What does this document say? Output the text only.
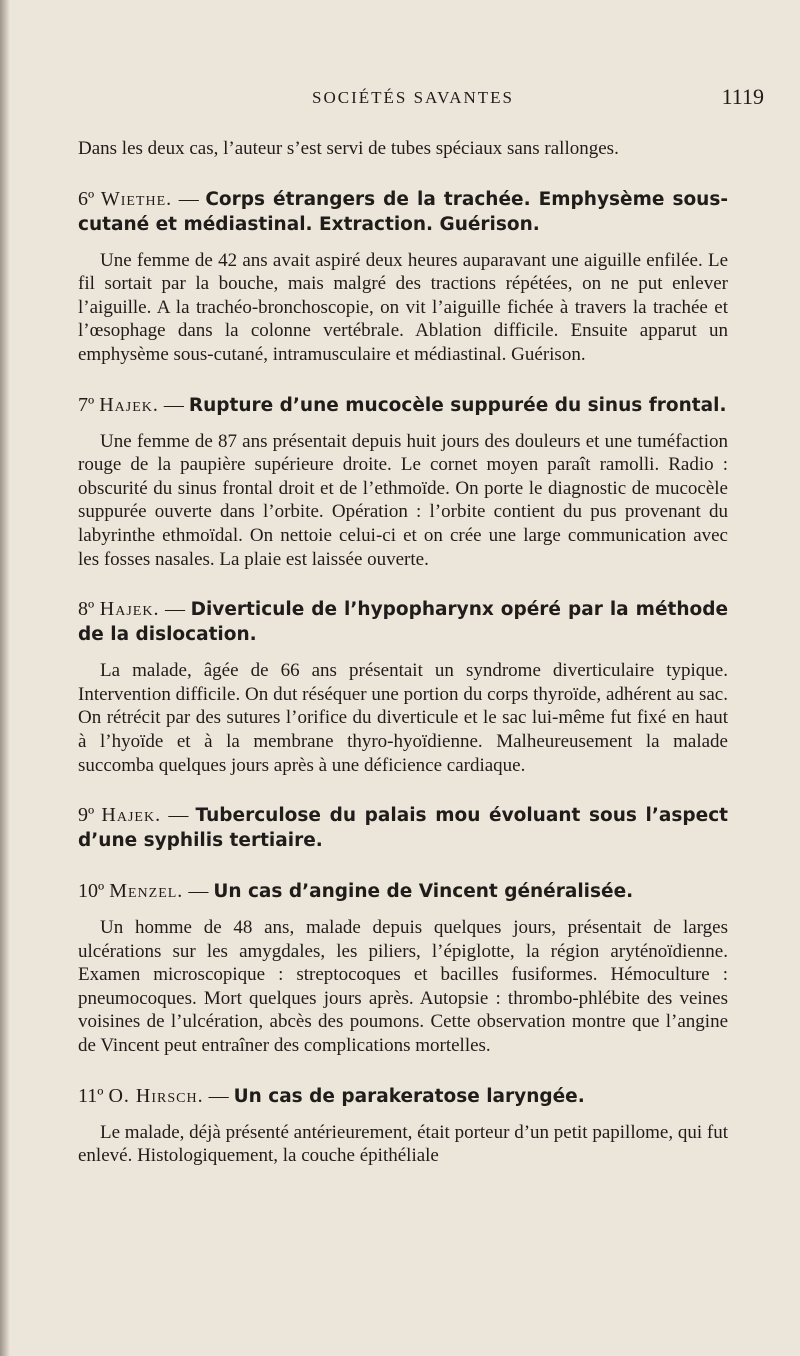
SOCIÉTÉS SAVANTES	1119

Dans les deux cas, l’auteur s’est servi de tubes spéciaux sans rallonges.

6º Wiethe. — Corps étrangers de la trachée. Emphysème sous-cutané et médiastinal. Extraction. Guérison.

Une femme de 42 ans avait aspiré deux heures auparavant une aiguille enfilée. Le fil sortait par la bouche, mais malgré des tractions répétées, on ne put enlever l’aiguille. A la trachéo-bronchoscopie, on vit l’aiguille fichée à travers la trachée et l’œsophage dans la colonne vertébrale. Ablation difficile. Ensuite apparut un emphysème sous-cutané, intramusculaire et médiastinal. Guérison.

7º Hajek. — Rupture d’une mucocèle suppurée du sinus frontal.

Une femme de 87 ans présentait depuis huit jours des douleurs et une tuméfaction rouge de la paupière supérieure droite. Le cornet moyen paraît ramolli. Radio : obscurité du sinus frontal droit et de l’ethmoïde. On porte le diagnostic de mucocèle suppurée ouverte dans l’orbite. Opération : l’orbite contient du pus provenant du labyrinthe ethmoïdal. On nettoie celui-ci et on crée une large communication avec les fosses nasales. La plaie est laissée ouverte.

8º Hajek. — Diverticule de l’hypopharynx opéré par la méthode de la dislocation.

La malade, âgée de 66 ans présentait un syndrome diverticulaire typique. Intervention difficile. On dut réséquer une portion du corps thyroïde, adhérent au sac. On rétrécit par des sutures l’orifice du diverticule et le sac lui-même fut fixé en haut à l’hyoïde et à la membrane thyro-hyoïdienne. Malheureusement la malade succomba quelques jours après à une déficience cardiaque.

9º Hajek. — Tuberculose du palais mou évoluant sous l’aspect d’une syphilis tertiaire.
10º Menzel. — Un cas d’angine de Vincent généralisée.

Un homme de 48 ans, malade depuis quelques jours, présentait de larges ulcérations sur les amygdales, les piliers, l’épiglotte, la région aryténoïdienne. Examen microscopique : streptocoques et bacilles fusiformes. Hémoculture : pneumocoques. Mort quelques jours après. Autopsie : thrombo-phlébite des veines voisines de l’ulcération, abcès des poumons. Cette observation montre que l’angine de Vincent peut entraîner des complications mortelles.

11º O. Hirsch. — Un cas de parakeratose laryngée.

Le malade, déjà présenté antérieurement, était porteur d’un petit papillome, qui fut enlevé. Histologiquement, la couche épithéliale
